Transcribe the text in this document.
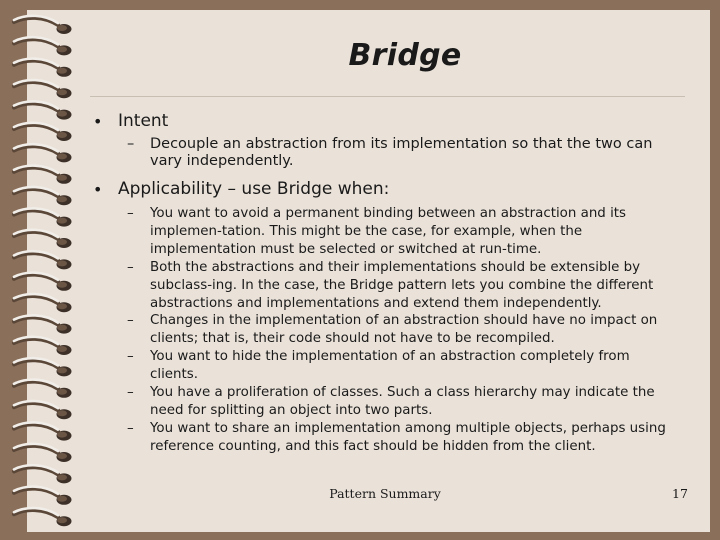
Bridge
• Intent
– Decouple an abstraction from its implementation so that the two can vary independently.
• Applicability – use Bridge when:
– You want to avoid a permanent binding between an abstraction and its implemen-tation. This might be the case, for example, when the implementation must be selected or switched at run-time.
– Both the abstractions and their implementations should be extensible by subclass-ing. In the case, the Bridge pattern lets you combine the different abstractions and implementations and extend them independently.
– Changes in the implementation of an abstraction should have no impact on clients; that is, their code should not have to be recompiled.
– You want to hide the implementation of an abstraction completely from clients.
– You have a proliferation of classes. Such a class hierarchy may indicate the need for splitting an object into two parts.
– You want to share an implementation among multiple objects, perhaps using reference counting, and this fact should be hidden from the client.
Pattern Summary	17
